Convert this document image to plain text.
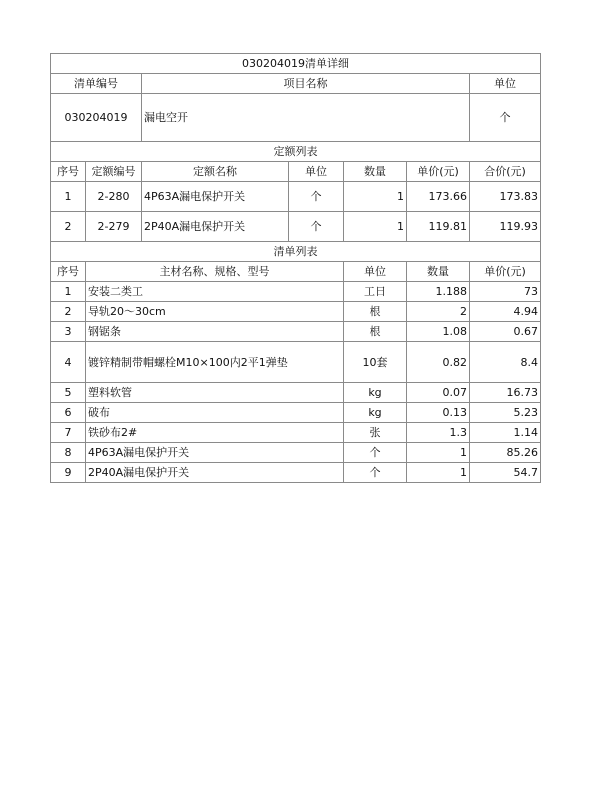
030204019清单详细							
清单编号		项目名称				单位	
030204019		漏电空开				个	
定额列表							
序号	定额编号	定额名称	单位	数量	单价(元)	合价(元)	
1	2-280	4P63A漏电保护开关	个	1	173.66	173.83	
2	2-279	2P40A漏电保护开关	个	1	119.81	119.93	
清单列表							
序号	主材名称、规格、型号			单位	数量	单价(元)	
1	安装二类工			工日	1.188	73	
2	导轨20～30cm			根	2	4.94	
3	钢锯条			根	1.08	0.67	
4	镀锌精制带帽螺栓M10×100内2平1弹垫			10套	0.82	8.4	
5	塑料软管			kg	0.07	16.73	
6	破布			kg	0.13	5.23	
7	铁砂布2#			张	1.3	1.14	
8	4P63A漏电保护开关			个	1	85.26	
9	2P40A漏电保护开关			个	1	54.7	
